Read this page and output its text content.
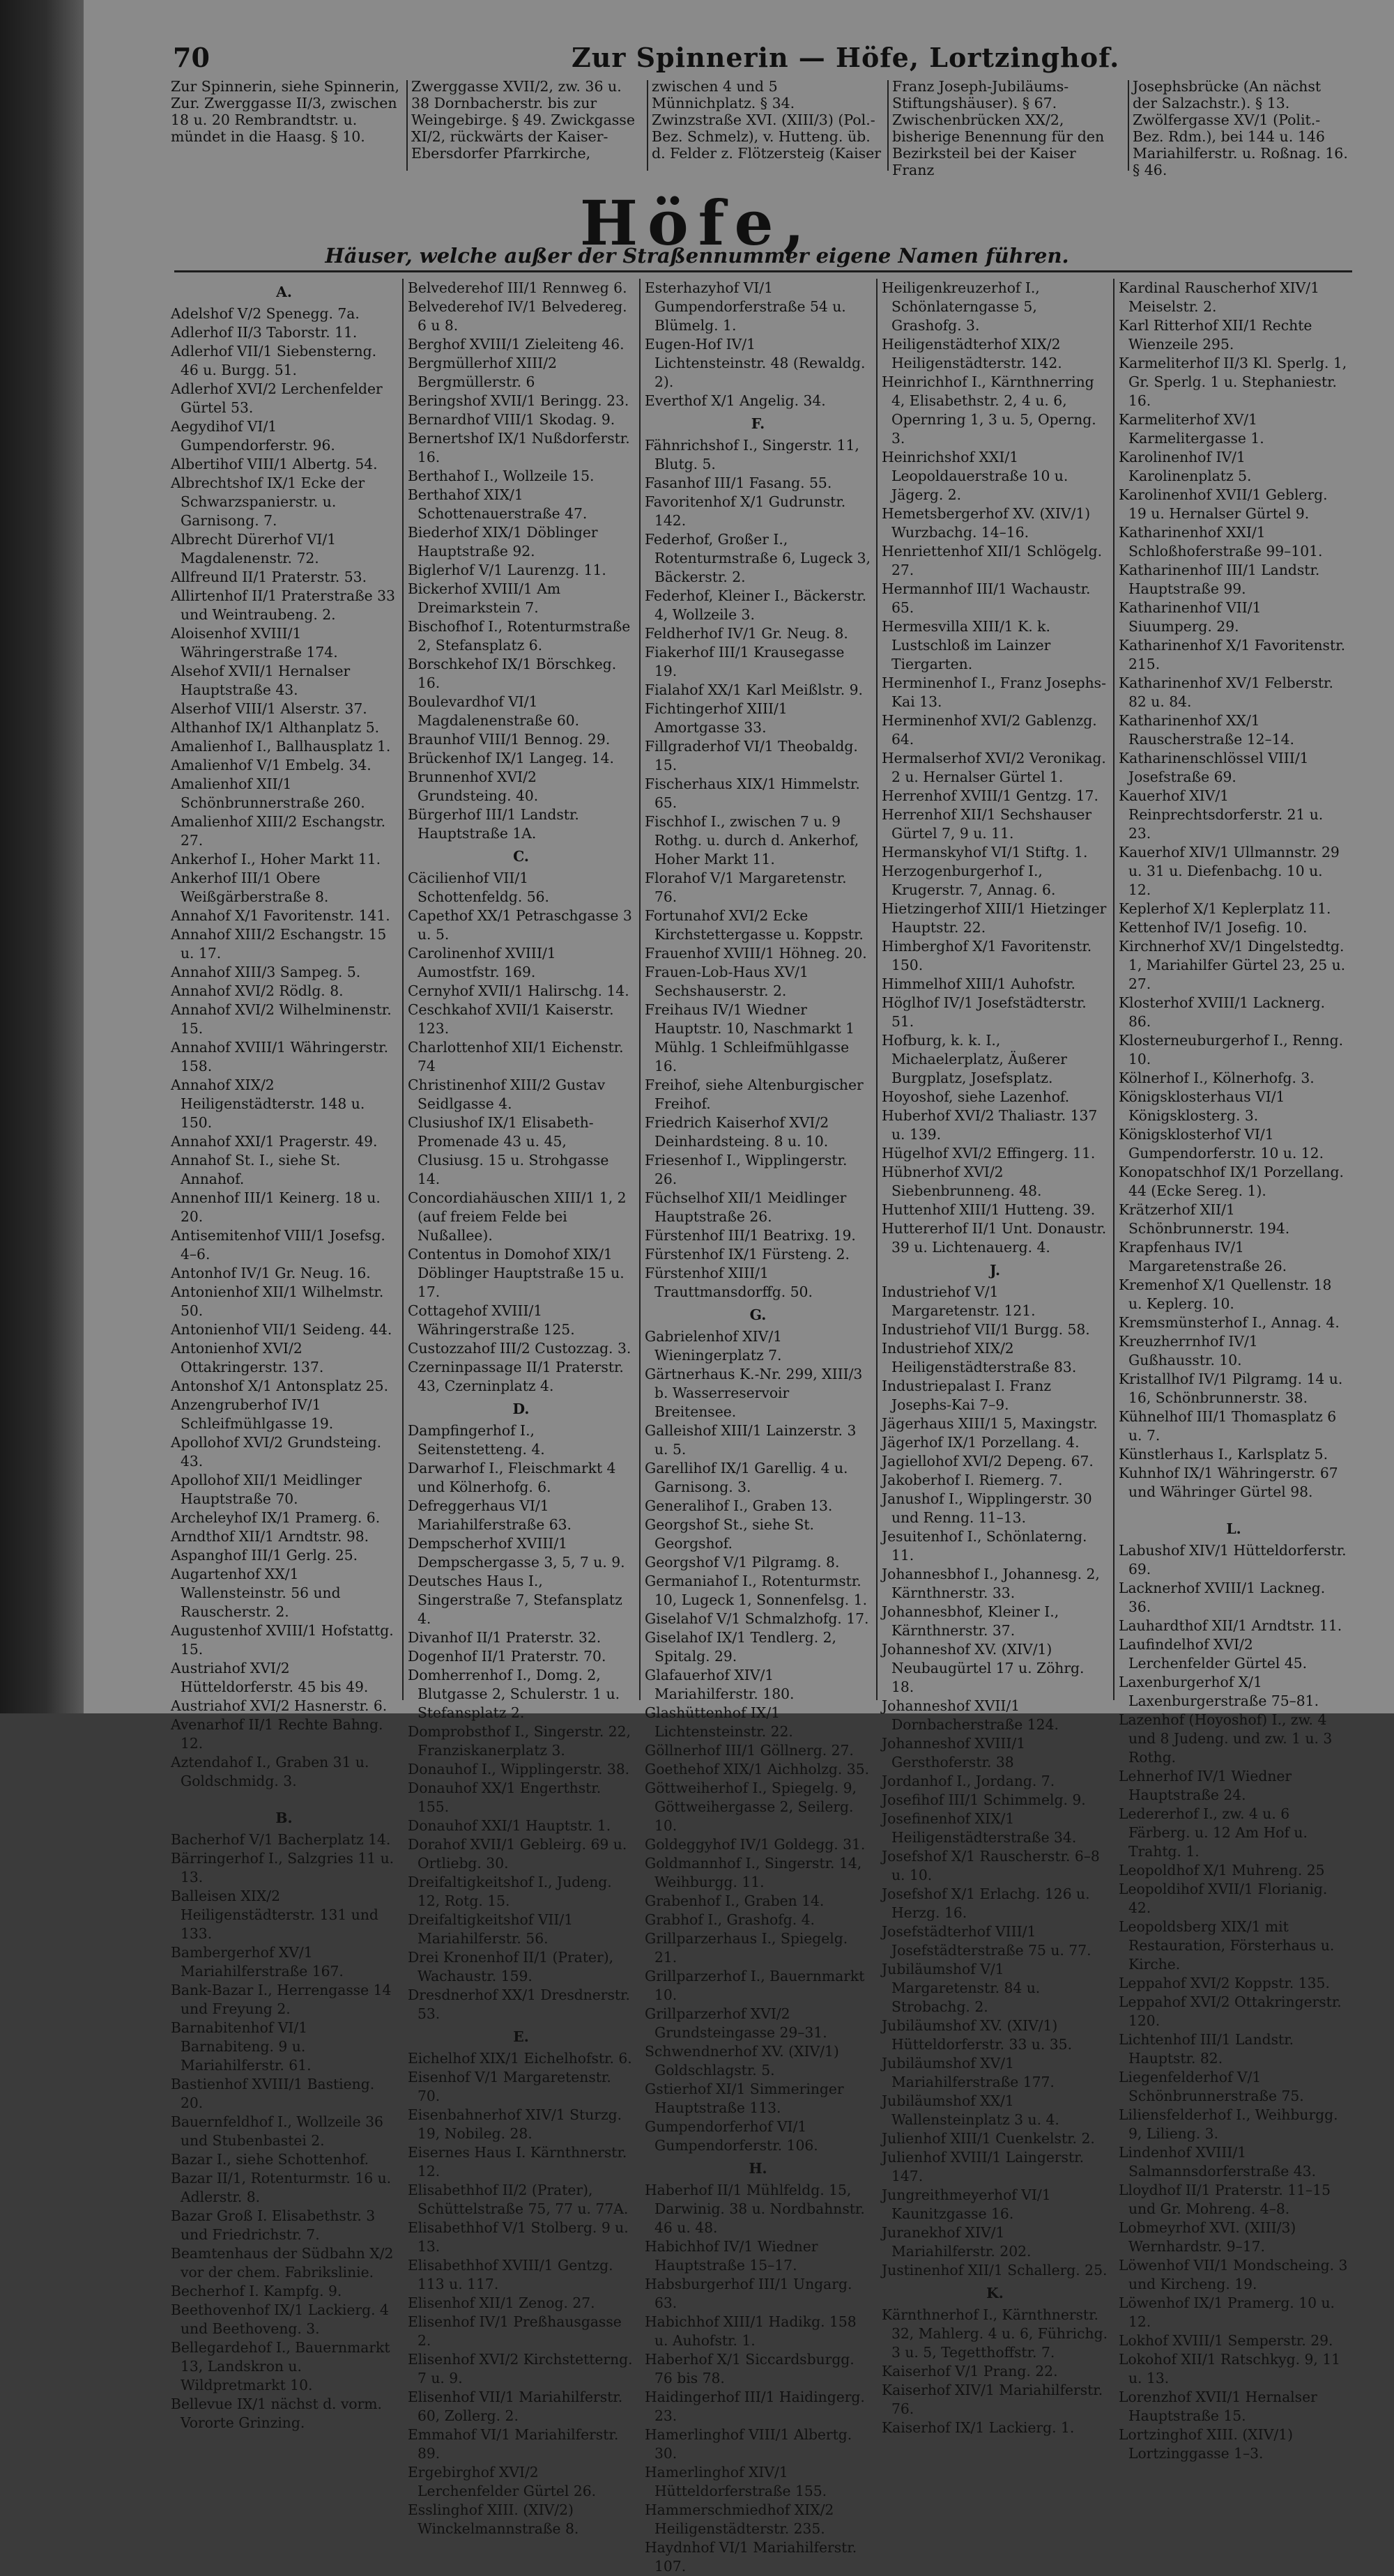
70	Zur Spinnerin — Höfe, Lortzinghof.
Zur Spinnerin, siehe Spinnerin, Zur. Zwerggasse II/3, zwischen 18 u. 20 Rembrandtstr. u. mündet in die Haasg. § 10.
Zwerggasse XVII/2, zw. 36 u. 38 Dornbacherstr. bis zur Weingebirge. § 49. Zwickgasse XI/2, rückwärts der Kaiser-Ebersdorfer Pfarrkirche,
zwischen 4 und 5 Münnichplatz. § 34. Zwinzstraße XVI. (XIII/3) (Pol.-Bez. Schmelz), v. Hutteng. üb. d. Felder z. Flötzersteig (Kaiser
Franz Joseph-Jubiläums-Stiftungshäuser). § 67. Zwischenbrücken XX/2, bisherige Benennung für den Bezirksteil bei der Kaiser Franz
Josephsbrücke (An nächst der Salzachstr.). § 13. Zwölfergasse XV/1 (Polit.-Bez. Rdm.), bei 144 u. 146 Mariahilferstr. u. Roßnag. 16. § 46.
Höfe,
Häuser, welche außer der Straßennummer eigene Namen führen.
A.
Adelshof V/2 Spenegg. 7a.
Adlerhof II/3 Taborstr. 11.
Adlerhof VII/1 Siebensterng. 46 u. Burgg. 51.
Adlerhof XVI/2 Lerchenfelder Gürtel 53.
Aegydihof VI/1 Gumpendorferstr. 96.
Albertihof VIII/1 Albertg. 54.
Albrechtshof IX/1 Ecke der Schwarzspanierstr. u. Garnisong. 7.
Albrecht Dürerhof VI/1 Magdalenenstr. 72.
Allfreund II/1 Praterstr. 53.
Allirtenhof II/1 Praterstraße 33 und Weintraubeng. 2.
Aloisenhof XVIII/1 Währingerstraße 174.
Alsehof XVII/1 Hernalser Hauptstraße 43.
Alserhof VIII/1 Alserstr. 37.
Althanhof IX/1 Althanplatz 5.
Amalienhof I., Ballhausplatz 1.
Amalienhof V/1 Embelg. 34.
Amalienhof XII/1 Schönbrunnerstraße 260.
Amalienhof XIII/2 Eschangstr. 27.
Ankerhof I., Hoher Markt 11.
Ankerhof III/1 Obere Weißgärberstraße 8.
Annahof X/1 Favoritenstr. 141.
Annahof XIII/2 Eschangstr. 15 u. 17.
Annahof XIII/3 Sampeg. 5.
Annahof XVI/2 Rödlg. 8.
Annahof XVI/2 Wilhelminenstr. 15.
Annahof XVIII/1 Währingerstr. 158.
Annahof XIX/2 Heiligenstädterstr. 148 u. 150.
Annahof XXI/1 Pragerstr. 49.
Annahof St. I., siehe St. Annahof.
Annenhof III/1 Keinerg. 18 u. 20.
Antisemitenhof VIII/1 Josefsg. 4–6.
Antonhof IV/1 Gr. Neug. 16.
Antonienhof XII/1 Wilhelmstr. 50.
Antonienhof VII/1 Seideng. 44.
Antonienhof XVI/2 Ottakringerstr. 137.
Antonshof X/1 Antonsplatz 25.
Anzengruberhof IV/1 Schleifmühlgasse 19.
Apollohof XVI/2 Grundsteing. 43.
Apollohof XII/1 Meidlinger Hauptstraße 70.
Archeleyhof IX/1 Pramerg. 6.
Arndthof XII/1 Arndtstr. 98.
Aspanghof III/1 Gerlg. 25.
Augartenhof XX/1 Wallensteinstr. 56 und Rauscherstr. 2.
Augustenhof XVIII/1 Hofstattg. 15.
Austriahof XVI/2 Hütteldorferstr. 45 bis 49.
Austriahof XVI/2 Hasnerstr. 6.
Avenarhof II/1 Rechte Bahng. 12.
Aztendahof I., Graben 31 u. Goldschmidg. 3.
B.
Bacherhof V/1 Bacherplatz 14.
Bärringerhof I., Salzgries 11 u. 13.
Balleisen XIX/2 Heiligenstädterstr. 131 und 133.
Bambergerhof XV/1 Mariahilferstraße 167.
Bank-Bazar I., Herrengasse 14 und Freyung 2.
Barnabitenhof VI/1 Barnabiteng. 9 u. Mariahilferstr. 61.
Bastienhof XVIII/1 Bastieng. 20.
Bauernfeldhof I., Wollzeile 36 und Stubenbastei 2.
Bazar I., siehe Schottenhof.
Bazar II/1, Rotenturmstr. 16 u. Adlerstr. 8.
Bazar Groß I. Elisabethstr. 3 und Friedrichstr. 7.
Beamtenhaus der Südbahn X/2 vor der chem. Fabrikslinie.
Becherhof I. Kampfg. 9.
Beethovenhof IX/1 Lackierg. 4 und Beethoveng. 3.
Bellegardehof I., Bauernmarkt 13, Landskron u. Wildpretmarkt 10.
Bellevue IX/1 nächst d. vorm. Vororte Grinzing.
Belvederehof III/1 Rennweg 6.
Belvederehof IV/1 Belvedereg. 6 u 8.
Berghof XVIII/1 Zieleiteng 46.
Bergmüllerhof XIII/2 Bergmüllerstr. 6
Beringshof XVII/1 Beringg. 23.
Bernardhof VIII/1 Skodag. 9.
Bernertshof IX/1 Nußdorferstr. 16.
Berthahof I., Wollzeile 15.
Berthahof XIX/1 Schottenauerstraße 47.
Biederhof XIX/1 Döblinger Hauptstraße 92.
Biglerhof V/1 Laurenzg. 11.
Bickerhof XVIII/1 Am Dreimarkstein 7.
Bischofhof I., Rotenturmstraße 2, Stefansplatz 6.
Borschkehof IX/1 Börschkeg. 16.
Boulevardhof VI/1 Magdalenenstraße 60.
Braunhof VIII/1 Bennog. 29.
Brückenhof IX/1 Langeg. 14.
Brunnenhof XVI/2 Grundsteing. 40.
Bürgerhof III/1 Landstr. Hauptstraße 1A.
C.
Cäcilienhof VII/1 Schottenfeldg. 56.
Capethof XX/1 Petraschgasse 3 u. 5.
Carolinenhof XVIII/1 Aumostfstr. 169.
Cernyhof XVII/1 Halirschg. 14.
Ceschkahof XVII/1 Kaiserstr. 123.
Charlottenhof XII/1 Eichenstr. 74
Christinenhof XIII/2 Gustav Seidlgasse 4.
Clusiushof IX/1 Elisabeth-Promenade 43 u. 45, Clusiusg. 15 u. Strohgasse 14.
Concordiahäuschen XIII/1 1, 2 (auf freiem Felde bei Nußallee).
Contentus in Domohof XIX/1 Döblinger Hauptstraße 15 u. 17.
Cottagehof XVIII/1 Währingerstraße 125.
Custozzahof III/2 Custozzag. 3.
Czerninpassage II/1 Praterstr. 43, Czerninplatz 4.
D.
Dampfingerhof I., Seitenstetteng. 4.
Darwarhof I., Fleischmarkt 4 und Kölnerhofg. 6.
Defreggerhaus VI/1 Mariahilferstraße 63.
Dempscherhof XVIII/1 Dempschergasse 3, 5, 7 u. 9.
Deutsches Haus I., Singerstraße 7, Stefansplatz 4.
Divanhof II/1 Praterstr. 32.
Dogenhof II/1 Praterstr. 70.
Domherrenhof I., Domg. 2, Blutgasse 2, Schulerstr. 1 u. Stefansplatz 2.
Domprobsthof I., Singerstr. 22, Franziskanerplatz 3.
Donauhof I., Wipplingerstr. 38.
Donauhof XX/1 Engerthstr. 155.
Donauhof XXI/1 Hauptstr. 1.
Dorahof XVII/1 Gebleirg. 69 u. Ortliebg. 30.
Dreifaltigkeitshof I., Judeng. 12, Rotg. 15.
Dreifaltigkeitshof VII/1 Mariahilferstr. 56.
Drei Kronenhof II/1 (Prater), Wachaustr. 159.
Dresdnerhof XX/1 Dresdnerstr. 53.
E.
Eichelhof XIX/1 Eichelhofstr. 6.
Eisenhof V/1 Margaretenstr. 70.
Eisenbahnerhof XIV/1 Sturzg. 19, Nobileg. 28.
Eisernes Haus I. Kärnthnerstr. 12.
Elisabethhof II/2 (Prater), Schüttelstraße 75, 77 u. 77A.
Elisabethhof V/1 Stolberg. 9 u. 13.
Elisabethhof XVIII/1 Gentzg. 113 u. 117.
Elisenhof XII/1 Zenog. 27.
Elisenhof IV/1 Preßhausgasse 2.
Elisenhof XVI/2 Kirchstetterng. 7 u. 9.
Elisenhof VII/1 Mariahilferstr. 60, Zollerg. 2.
Emmahof VI/1 Mariahilferstr. 89.
Ergebirghof XVI/2 Lerchenfelder Gürtel 26.
Esslinghof XIII. (XIV/2) Winckelmannstraße 8.
Esterhazyhof VI/1 Gumpendorferstraße 54 u. Blümelg. 1.
Eugen-Hof IV/1 Lichtensteinstr. 48 (Rewaldg. 2).
Everthof X/1 Angelig. 34.
F.
Fähnrichshof I., Singerstr. 11, Blutg. 5.
Fasanhof III/1 Fasang. 55.
Favoritenhof X/1 Gudrunstr. 142.
Federhof, Großer I., Rotenturmstraße 6, Lugeck 3, Bäckerstr. 2.
Federhof, Kleiner I., Bäckerstr. 4, Wollzeile 3.
Feldherhof IV/1 Gr. Neug. 8.
Fiakerhof III/1 Krausegasse 19.
Fialahof XX/1 Karl Meißlstr. 9.
Fichtingerhof XIII/1 Amortgasse 33.
Fillgraderhof VI/1 Theobaldg. 15.
Fischerhaus XIX/1 Himmelstr. 65.
Fischhof I., zwischen 7 u. 9 Rothg. u. durch d. Ankerhof, Hoher Markt 11.
Florahof V/1 Margaretenstr. 76.
Fortunahof XVI/2 Ecke Kirchstettergasse u. Koppstr.
Frauenhof XVIII/1 Höhneg. 20.
Frauen-Lob-Haus XV/1 Sechshauserstr. 2.
Freihaus IV/1 Wiedner Hauptstr. 10, Naschmarkt 1 Mühlg. 1 Schleifmühlgasse 16.
Freihof, siehe Altenburgischer Freihof.
Friedrich Kaiserhof XVI/2 Deinhardsteing. 8 u. 10.
Friesenhof I., Wipplingerstr. 26.
Füchselhof XII/1 Meidlinger Hauptstraße 26.
Fürstenhof III/1 Beatrixg. 19.
Fürstenhof IX/1 Fürsteng. 2.
Fürstenhof XIII/1 Trauttmansdorffg. 50.
G.
Gabrielenhof XIV/1 Wieningerplatz 7.
Gärtnerhaus K.-Nr. 299, XIII/3 b. Wasserreservoir Breitensee.
Galleishof XIII/1 Lainzerstr. 3 u. 5.
Garellihof IX/1 Garellig. 4 u. Garnisong. 3.
Generalihof I., Graben 13.
Georgshof St., siehe St. Georgshof.
Georgshof V/1 Pilgramg. 8.
Germaniahof I., Rotenturmstr. 10, Lugeck 1, Sonnenfelsg. 1.
Giselahof V/1 Schmalzhofg. 17.
Giselahof IX/1 Tendlerg. 2, Spitalg. 29.
Glafauerhof XIV/1 Mariahilferstr. 180.
Glashüttenhof IX/1 Lichtensteinstr. 22.
Göllnerhof III/1 Göllnerg. 27.
Goethehof XIX/1 Aichholzg. 35.
Göttweiherhof I., Spiegelg. 9, Göttweihergasse 2, Seilerg. 10.
Goldeggyhof IV/1 Goldegg. 31.
Goldmannhof I., Singerstr. 14, Weihburgg. 11.
Grabenhof I., Graben 14.
Grabhof I., Grashofg. 4.
Grillparzerhaus I., Spiegelg. 21.
Grillparzerhof I., Bauernmarkt 10.
Grillparzerhof XVI/2 Grundsteingasse 29–31.
Schwendnerhof XV. (XIV/1) Goldschlagstr. 5.
Gstierhof XI/1 Simmeringer Hauptstraße 113.
Gumpendorferhof VI/1 Gumpendorferstr. 106.
H.
Haberhof II/1 Mühlfeldg. 15, Darwinig. 38 u. Nordbahnstr. 46 u. 48.
Habichhof IV/1 Wiedner Hauptstraße 15–17.
Habsburgerhof III/1 Ungarg. 63.
Habichhof XIII/1 Hadikg. 158 u. Auhofstr. 1.
Haberhof X/1 Siccardsburgg. 76 bis 78.
Haidingerhof III/1 Haidingerg. 23.
Hamerlinghof VIII/1 Albertg. 30.
Hamerlinghof XIV/1 Hütteldorferstraße 155.
Hammerschmiedhof XIX/2 Heiligenstädterstr. 235.
Haydnhof VI/1 Mariahilferstr. 107.
Heiligenkreuzerhof I., Schönlaterngasse 5, Grashofg. 3.
Heiligenstädterhof XIX/2 Heiligenstädterstr. 142.
Heinrichhof I., Kärnthnerring 4, Elisabethstr. 2, 4 u. 6, Opernring 1, 3 u. 5, Operng. 3.
Heinrichshof XXI/1 Leopoldauerstraße 10 u. Jägerg. 2.
Hemetsbergerhof XV. (XIV/1) Wurzbachg. 14–16.
Henriettenhof XII/1 Schlögelg. 27.
Hermannhof III/1 Wachaustr. 65.
Hermesvilla XIII/1 K. k. Lustschloß im Lainzer Tiergarten.
Herminenhof I., Franz Josephs-Kai 13.
Herminenhof XVI/2 Gablenzg. 64.
Hermalserhof XVI/2 Veronikag. 2 u. Hernalser Gürtel 1.
Herrenhof XVIII/1 Gentzg. 17.
Herrenhof XII/1 Sechshauser Gürtel 7, 9 u. 11.
Hermanskyhof VI/1 Stiftg. 1.
Herzogenburgerhof I., Krugerstr. 7, Annag. 6.
Hietzingerhof XIII/1 Hietzinger Hauptstr. 22.
Himberghof X/1 Favoritenstr. 150.
Himmelhof XIII/1 Auhofstr.
Höglhof IV/1 Josefstädterstr. 51.
Hofburg, k. k. I., Michaelerplatz, Äußerer Burgplatz, Josefsplatz.
Hoyoshof, siehe Lazenhof.
Huberhof XVI/2 Thaliastr. 137 u. 139.
Hügelhof XVI/2 Effingerg. 11.
Hübnerhof XVI/2 Siebenbrunneng. 48.
Huttenhof XIII/1 Hutteng. 39.
Huttererhof II/1 Unt. Donaustr. 39 u. Lichtenauerg. 4.
J.
Industriehof V/1 Margaretenstr. 121.
Industriehof VII/1 Burgg. 58.
Industriehof XIX/2 Heiligenstädterstraße 83.
Industriepalast I. Franz Josephs-Kai 7–9.
Jägerhaus XIII/1 5, Maxingstr.
Jägerhof IX/1 Porzellang. 4.
Jagiellohof XVI/2 Depeng. 67.
Jakoberhof I. Riemerg. 7.
Janushof I., Wipplingerstr. 30 und Renng. 11–13.
Jesuitenhof I., Schönlaterng. 11.
Johannesbhof I., Johannesg. 2, Kärnthnerstr. 33.
Johannesbhof, Kleiner I., Kärnthnerstr. 37.
Johanneshof XV. (XIV/1) Neubaugürtel 17 u. Zöhrg. 18.
Johanneshof XVII/1 Dornbacherstraße 124.
Johanneshof XVIII/1 Gersthoferstr. 38
Jordanhof I., Jordang. 7.
Josefihof III/1 Schimmelg. 9.
Josefinenhof XIX/1 Heiligenstädterstraße 34.
Josefshof X/1 Rauscherstr. 6–8 u. 10.
Josefshof X/1 Erlachg. 126 u. Herzg. 16.
Josefstädterhof VIII/1 Josefstädterstraße 75 u. 77.
Jubiläumshof V/1 Margaretenstr. 84 u. Strobachg. 2.
Jubiläumshof XV. (XIV/1) Hütteldorferstr. 33 u. 35.
Jubiläumshof XV/1 Mariahilferstraße 177.
Jubiläumshof XX/1 Wallensteinplatz 3 u. 4.
Julienhof XIII/1 Cuenkelstr. 2.
Julienhof XVIII/1 Laingerstr. 147.
Jungreithmeyerhof VI/1 Kaunitzgasse 16.
Juranekhof XIV/1 Mariahilferstr. 202.
Justinenhof XII/1 Schallerg. 25.
K.
Kärnthnerhof I., Kärnthnerstr. 32, Mahlerg. 4 u. 6, Führichg. 3 u. 5, Tegetthoffstr. 7.
Kaiserhof V/1 Prang. 22.
Kaiserhof XIV/1 Mariahilferstr. 76.
Kaiserhof IX/1 Lackierg. 1.
Kardinal Rauscherhof XIV/1 Meiselstr. 2.
Karl Ritterhof XII/1 Rechte Wienzeile 295.
Karmeliterhof II/3 Kl. Sperlg. 1, Gr. Sperlg. 1 u. Stephaniestr. 16.
Karmeliterhof XV/1 Karmelitergasse 1.
Karolinenhof IV/1 Karolinenplatz 5.
Karolinenhof XVII/1 Geblerg. 19 u. Hernalser Gürtel 9.
Katharinenhof XXI/1 Schloßhoferstraße 99–101.
Katharinenhof III/1 Landstr. Hauptstraße 99.
Katharinenhof VII/1 Siuumperg. 29.
Katharinenhof X/1 Favoritenstr. 215.
Katharinenhof XV/1 Felberstr. 82 u. 84.
Katharinenhof XX/1 Rauscherstraße 12–14.
Katharinenschlössel VIII/1 Josefstraße 69.
Kauerhof XIV/1 Reinprechtsdorferstr. 21 u. 23.
Kauerhof XIV/1 Ullmannstr. 29 u. 31 u. Diefenbachg. 10 u. 12.
Keplerhof X/1 Keplerplatz 11.
Kettenhof IV/1 Josefig. 10.
Kirchnerhof XV/1 Dingelstedtg. 1, Mariahilfer Gürtel 23, 25 u. 27.
Klosterhof XVIII/1 Lacknerg. 86.
Klosterneuburgerhof I., Renng. 10.
Kölnerhof I., Kölnerhofg. 3.
Königsklosterhaus VI/1 Königsklosterg. 3.
Königsklosterhof VI/1 Gumpendorferstr. 10 u. 12.
Konopatschhof IX/1 Porzellang. 44 (Ecke Sereg. 1).
Krätzerhof XII/1 Schönbrunnerstr. 194.
Krapfenhaus IV/1 Margaretenstraße 26.
Kremenhof X/1 Quellenstr. 18 u. Keplerg. 10.
Kremsmünsterhof I., Annag. 4.
Kreuzherrnhof IV/1 Gußhausstr. 10.
Kristallhof IV/1 Pilgramg. 14 u. 16, Schönbrunnerstr. 38.
Kühnelhof III/1 Thomasplatz 6 u. 7.
Künstlerhaus I., Karlsplatz 5.
Kuhnhof IX/1 Währingerstr. 67 und Währinger Gürtel 98.
L.
Labushof XIV/1 Hütteldorferstr. 69.
Lacknerhof XVIII/1 Lackneg. 36.
Lauhardthof XII/1 Arndtstr. 11.
Laufindelhof XVI/2 Lerchenfelder Gürtel 45.
Laxenburgerhof X/1 Laxenburgerstraße 75–81.
Lazenhof (Hoyoshof) I., zw. 4 und 8 Judeng. und zw. 1 u. 3 Rothg.
Lehnerhof IV/1 Wiedner Hauptstraße 24.
Ledererhof I., zw. 4 u. 6 Färberg. u. 12 Am Hof u. Trahtg. 1.
Leopoldhof X/1 Muhreng. 25
Leopoldihof XVII/1 Florianig. 42.
Leopoldsberg XIX/1 mit Restauration, Försterhaus u. Kirche.
Leppahof XVI/2 Koppstr. 135.
Leppahof XVI/2 Ottakringerstr. 120.
Lichtenhof III/1 Landstr. Hauptstr. 82.
Liegenfelderhof V/1 Schönbrunnerstraße 75.
Liliensfelderhof I., Weihburgg. 9, Lilieng. 3.
Lindenhof XVIII/1 Salmannsdorferstraße 43.
Lloydhof II/1 Praterstr. 11–15 und Gr. Mohreng. 4–8.
Lobmeyrhof XVI. (XIII/3) Wernhardstr. 9–17.
Löwenhof VII/1 Mondscheing. 3 und Kircheng. 19.
Löwenhof IX/1 Pramerg. 10 u. 12.
Lokhof XVIII/1 Semperstr. 29.
Lokohof XII/1 Ratschkyg. 9, 11 u. 13.
Lorenzhof XVII/1 Hernalser Hauptstraße 15.
Lortzinghof XIII. (XIV/1) Lortzinggasse 1–3.
